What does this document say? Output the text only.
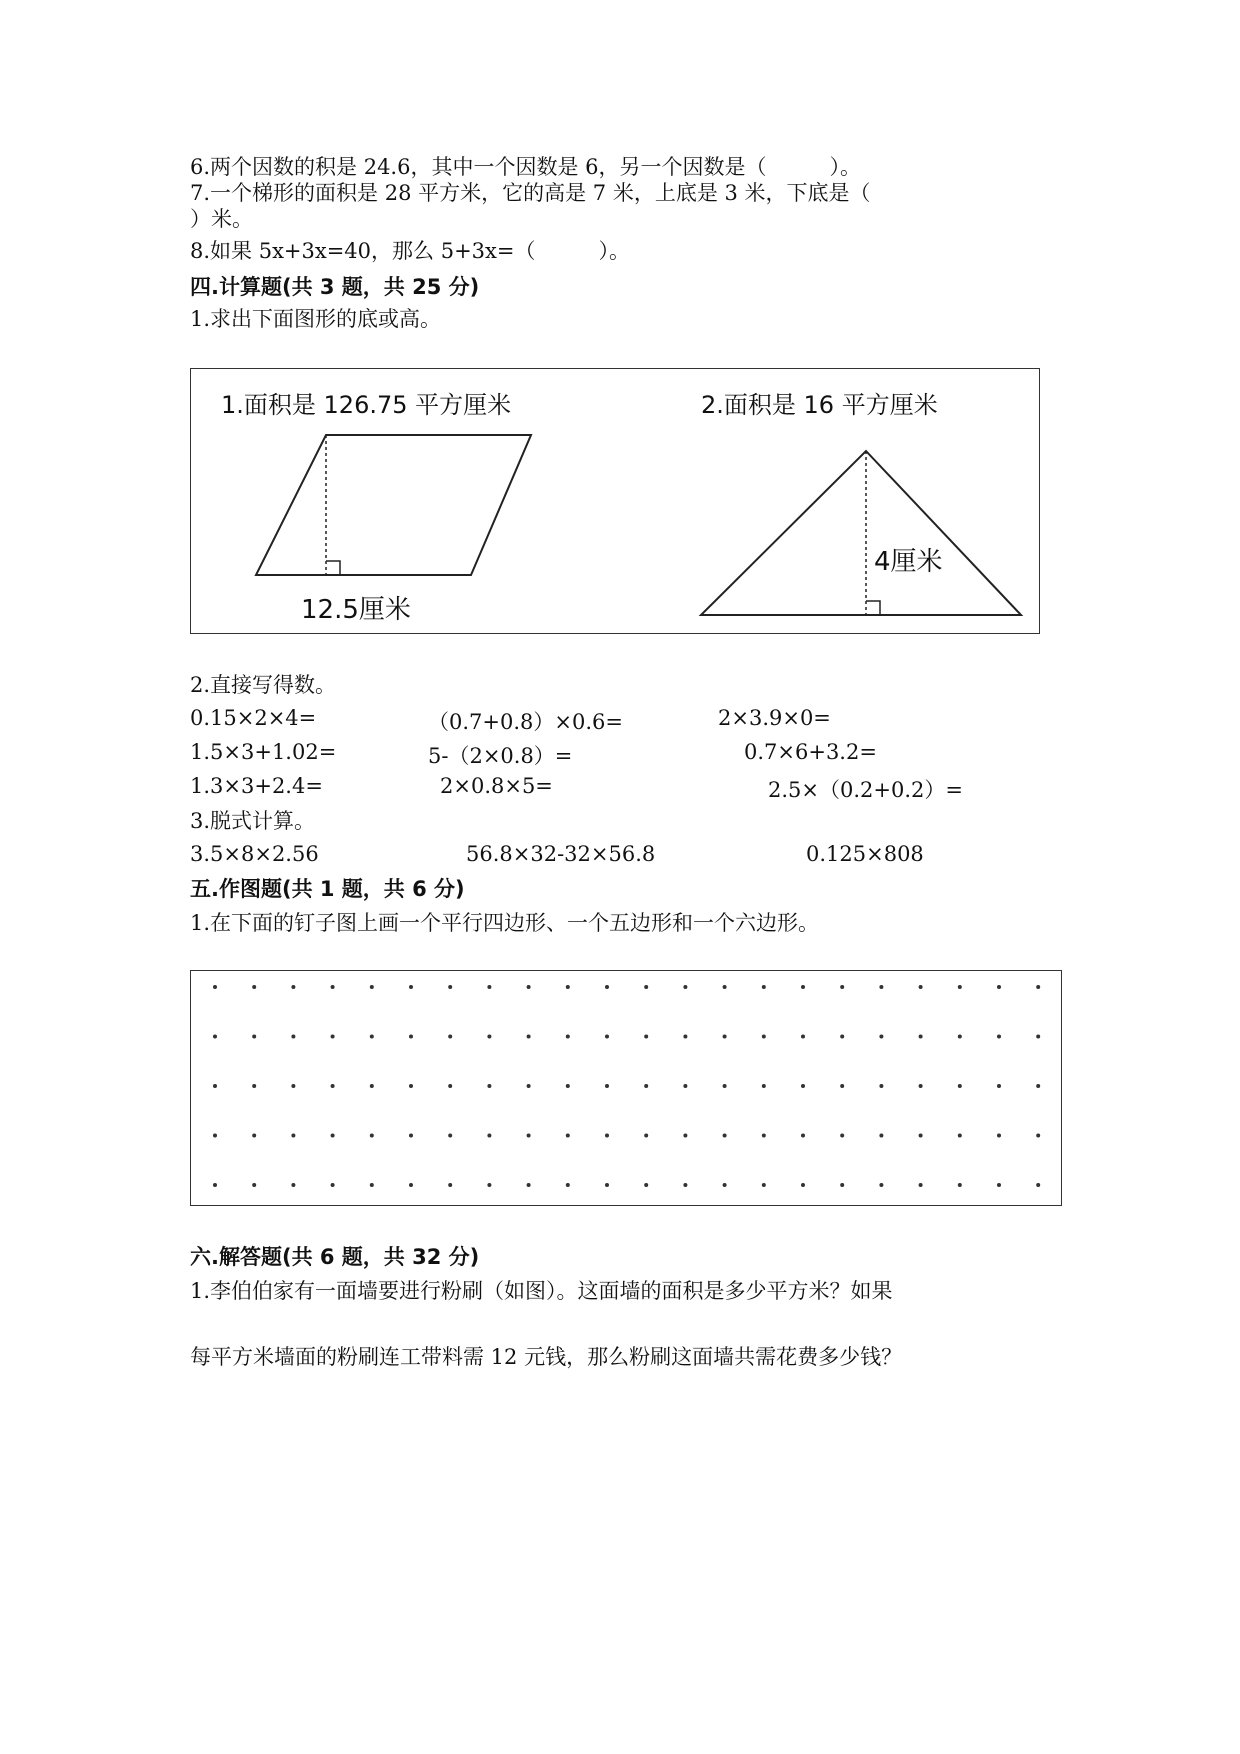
6.两个因数的积是 24.6，其中一个因数是 6，另一个因数是（　　　）。
7.一个梯形的面积是 28 平方米，它的高是 7 米，上底是 3 米，下底是（
）米。
8.如果 5x+3x=40，那么 5+3x=（　　　）。
四.计算题(共 3 题，共 25 分)
1.求出下面图形的底或高。
1.面积是 126.75 平方厘米
12.5厘米
2.面积是 16 平方厘米
4厘米
2.直接写得数。
0.15×2×4=	（0.7+0.8）×0.6=	2×3.9×0=
1.5×3+1.02=	5-（2×0.8）=	0.7×6+3.2=
1.3×3+2.4=	2×0.8×5=	2.5×（0.2+0.2）=
3.脱式计算。
3.5×8×2.56	56.8×32-32×56.8	0.125×808
五.作图题(共 1 题，共 6 分)
1.在下面的钉子图上画一个平行四边形、一个五边形和一个六边形。
六.解答题(共 6 题，共 32 分)
1.李伯伯家有一面墙要进行粉刷（如图）。这面墙的面积是多少平方米？如果
每平方米墙面的粉刷连工带料需 12 元钱，那么粉刷这面墙共需花费多少钱？
